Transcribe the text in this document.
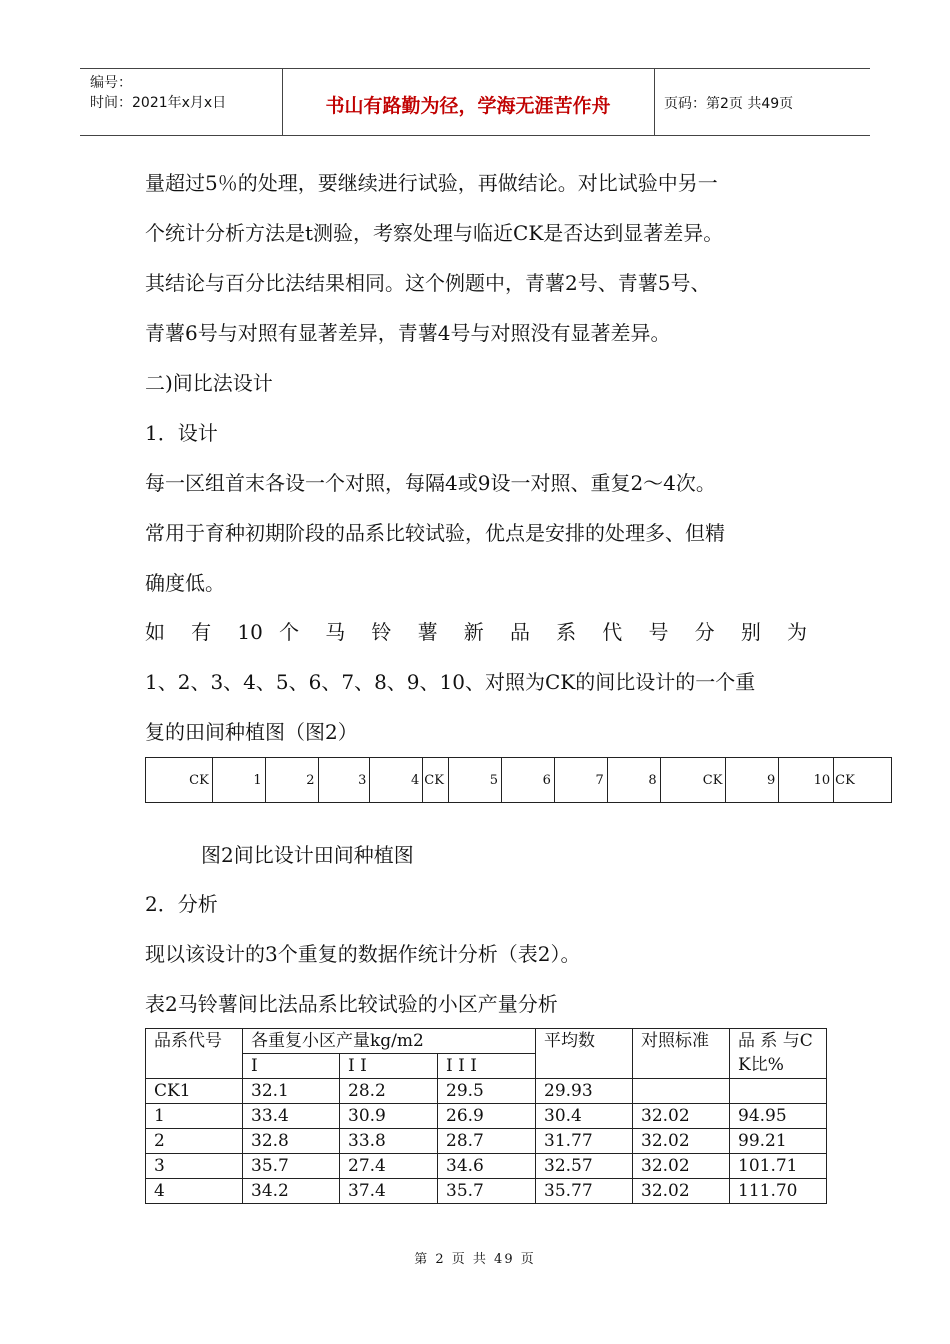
编号：
时间：2021年x月x日	书山有路勤为径，学海无涯苦作舟	页码：第2页 共49页

量超过5％的处理，要继续进行试验，再做结论。对比试验中另一
个统计分析方法是t测验，考察处理与临近CK是否达到显著差异。
其结论与百分比法结果相同。这个例题中，青薯2号、青薯5号、
青薯6号与对照有显著差异，青薯4号与对照没有显著差异。

二)间比法设计

1．设计

每一区组首末各设一个对照，每隔4或9设一对照、重复2～4次。
常用于育种初期阶段的品系比较试验，优点是安排的处理多、但精
确度低。

如 有 10 个 马 铃 薯 新 品 系 代 号 分 别 为
1、2、3、4、5、6、7、8、9、10、对照为CK的间比设计的一个重
复的田间种植图（图2）

CK	1	2	3	4 CK	5	6	7	8	CK	9	10 CK

图2间比设计田间种植图

2．分析

现以该设计的3个重复的数据作统计分析（表2）。

表2马铃薯间比法品系比较试验的小区产量分析

品系代号	各重复小区产量kg/m2			平均数	对照标准	品 系 与CK比%
	I	I I	I I I			
CK1	32.1	28.2	29.5	29.93		
1	33.4	30.9	26.9	30.4	32.02	94.95
2	32.8	33.8	28.7	31.77	32.02	99.21
3	35.7	27.4	34.6	32.57	32.02	101.71
4	34.2	37.4	35.7	35.77	32.02	111.70
第 2 页 共 49 页
